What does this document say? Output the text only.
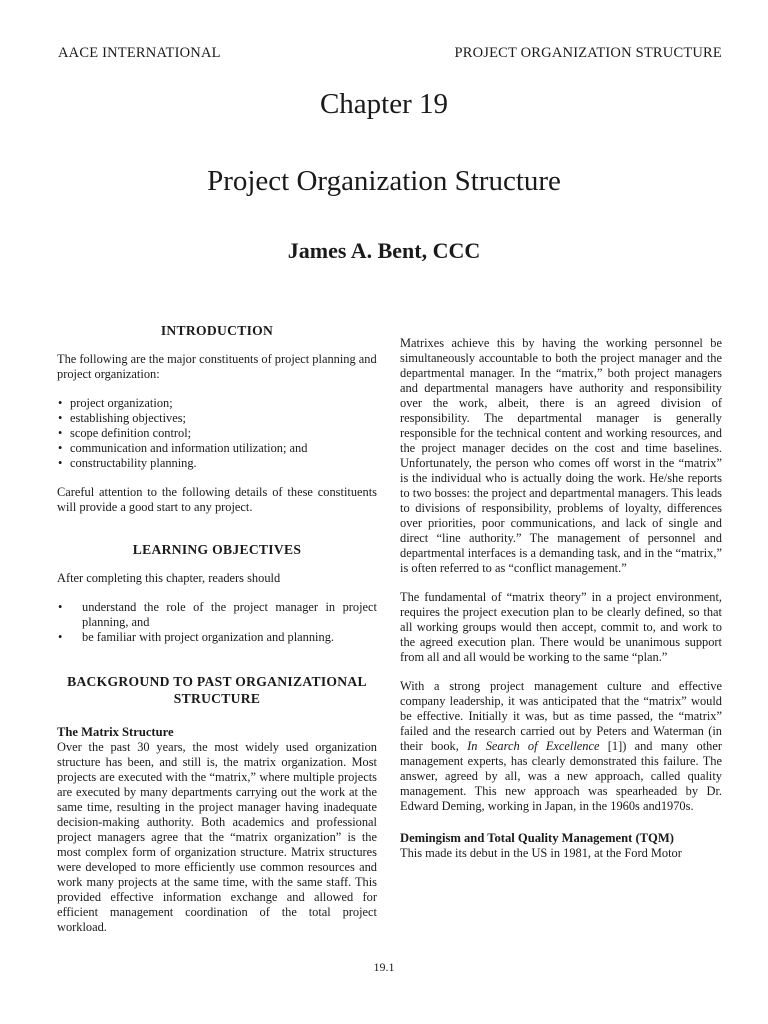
AACE INTERNATIONAL	PROJECT ORGANIZATION STRUCTURE
Chapter 19
Project Organization Structure
James A. Bent, CCC
INTRODUCTION

The following are the major constituents of project planning and project organization:

• project organization;
• establishing objectives;
• scope definition control;
• communication and information utilization; and
• constructability planning.

Careful attention to the following details of these constituents will provide a good start to any project.

LEARNING OBJECTIVES

After completing this chapter, readers should

• understand the role of the project manager in project planning, and
• be familiar with project organization and planning.
BACKGROUND TO PAST ORGANIZATIONAL
STRUCTURE
The Matrix Structure

Over the past 30 years, the most widely used organization structure has been, and still is, the matrix organization. Most projects are executed with the “matrix,” where multiple projects are executed by many departments carrying out the work at the same time, resulting in the project manager having inadequate decision-making authority. Both academics and professional project managers agree that the “matrix organization” is the most complex form of organization structure. Matrix structures were developed to more efficiently use common resources and work many projects at the same time, with the same staff. This provided effective information exchange and allowed for efficient management coordination of the total project workload.

Matrixes achieve this by having the working personnel be simultaneously accountable to both the project manager and the departmental manager. In the “matrix,” both project managers and departmental managers have authority and responsibility over the work, albeit, there is an agreed division of responsibility. The departmental manager is generally responsible for the technical content and working resources, and the project manager decides on the cost and time baselines. Unfortunately, the person who comes off worst in the “matrix” is the individual who is actually doing the work. He/she reports to two bosses: the project and departmental managers. This leads to divisions of responsibility, problems of loyalty, differences over priorities, poor communications, and lack of single and direct “line authority.” The management of personnel and departmental interfaces is a demanding task, and in the “matrix,” is often referred to as “conflict management.”

The fundamental of “matrix theory” in a project environment, requires the project execution plan to be clearly defined, so that all working groups would then accept, commit to, and work to the agreed execution plan. There would be unanimous support from all and all would be working to the same “plan.”

With a strong project management culture and effective company leadership, it was anticipated that the “matrix” would be effective. Initially it was, but as time passed, the “matrix” failed and the research carried out by Peters and Waterman (in their book, In Search of Excellence [1]) and many other management experts, has clearly demonstrated this failure. The answer, agreed by all, was a new approach, called quality management. This new approach was spearheaded by Dr. Edward Deming, working in Japan, in the 1960s and1970s.

Demingism and Total Quality Management (TQM)

This made its debut in the US in 1981, at the Ford Motor

19.1
